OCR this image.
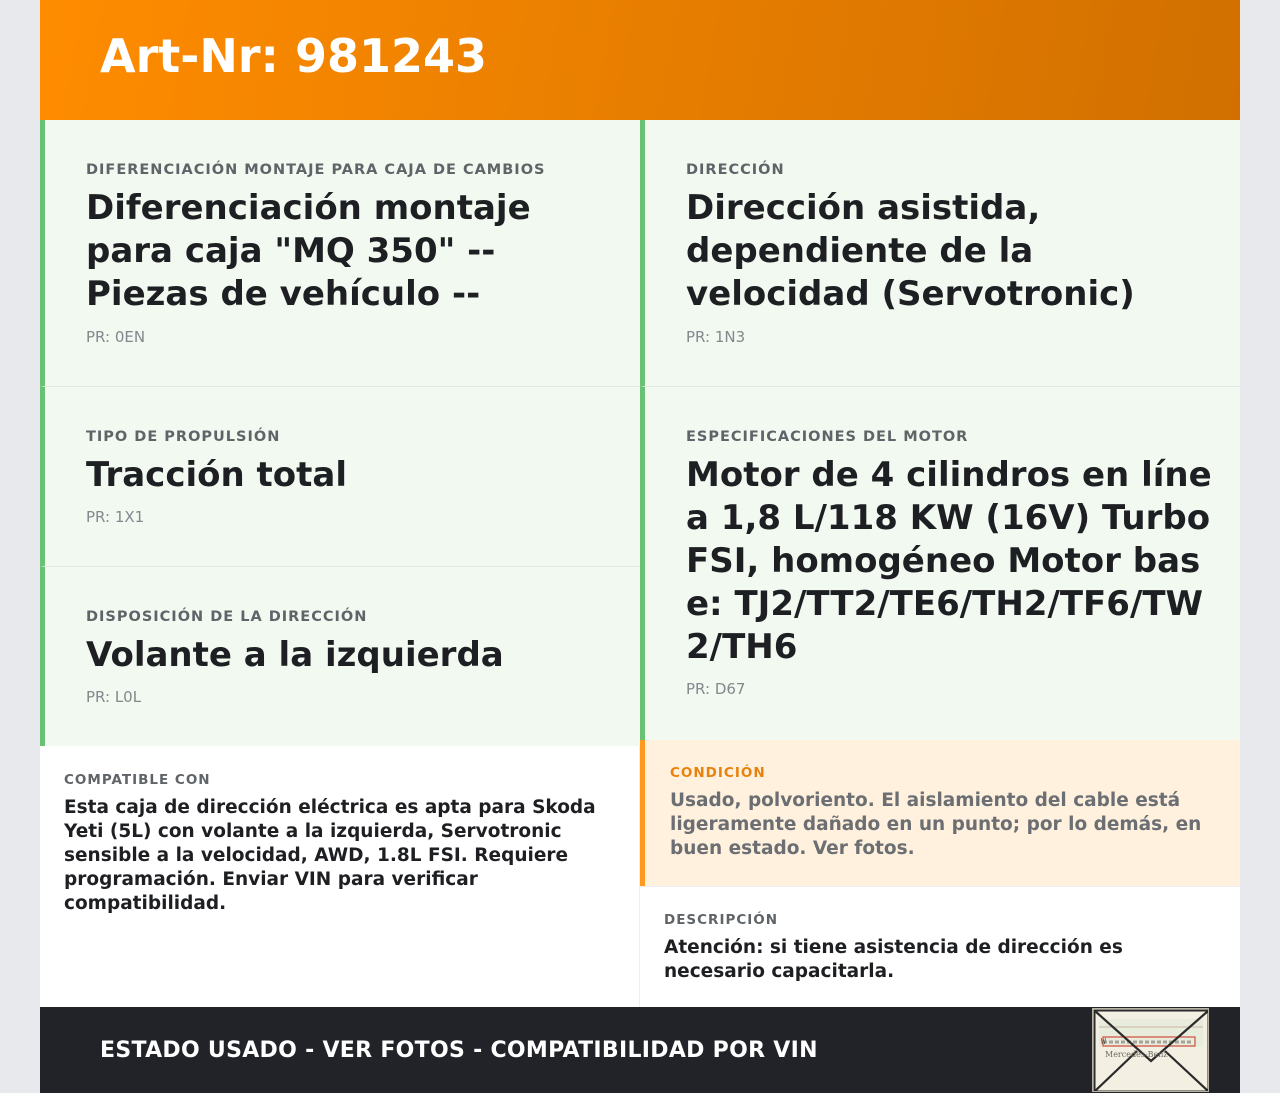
Art-Nr: 981243
DIFERENCIACIÓN MONTAJE PARA CAJA DE CAMBIOS
Diferenciación montaje para caja "MQ 350" -- Piezas de vehículo --
PR: 0EN
DIRECCIÓN
Dirección asistida, dependiente de la velocidad (Servotronic)
PR: 1N3
TIPO DE PROPULSIÓN
Tracción total
PR: 1X1
DISPOSICIÓN DE LA DIRECCIÓN
Volante a la izquierda
PR: L0L
ESPECIFICACIONES DEL MOTOR
Motor de 4 cilindros en línea 1,8 L/118 KW (16V) Turbo FSI, homogéneo Motor base: TJ2/TT2/TE6/TH2/TF6/TW2/TH6
PR: D67
COMPATIBLE CON

Esta caja de dirección eléctrica es apta para Skoda Yeti (5L) con volante a la izquierda, Servotronic sensible a la velocidad, AWD, 1.8L FSI. Requiere programación. Enviar VIN para verificar compatibilidad.

CONDICIÓN

Usado, polvoriento. El aislamiento del cable está ligeramente dañado en un punto; por lo demás, en buen estado. Ver fotos.

DESCRIPCIÓN

Atención: si tiene asistencia de dirección es necesario capacitarla.

ESTADO USADO - VER FOTOS - COMPATIBILIDAD POR VIN	W
Mercedes-Benz
